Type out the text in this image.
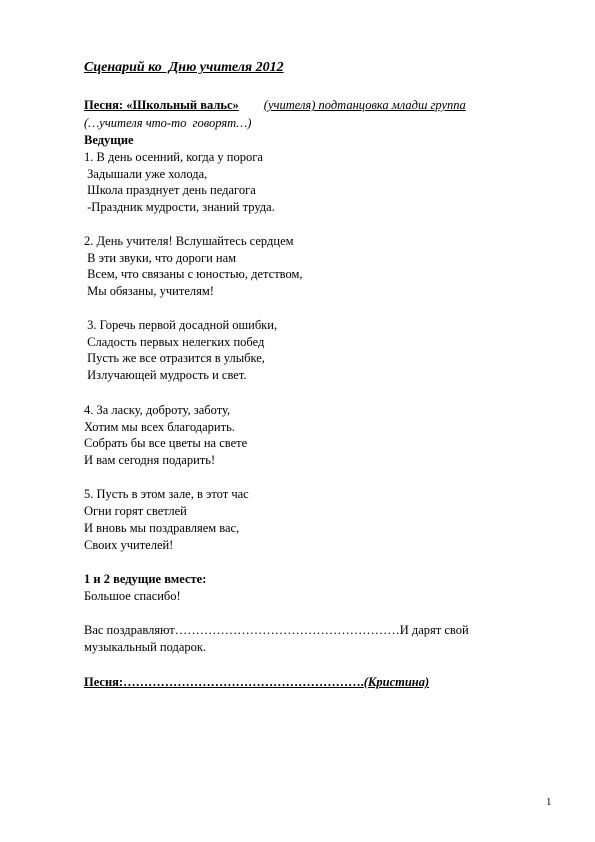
Сценарий ко  Дню учителя 2012
Песня: «Школьный вальс» (учителя) подтанцовка младш группа
(…учителя что-то  говорят…)
Ведущие
1. В день осенний, когда у порога
Задышали уже холода,
Школа празднует день педагога
-Праздник мудрости, знаний труда.
2. День учителя! Вслушайтесь сердцем
В эти звуки, что дороги нам
Всем, что связаны с юностью, детством,
Мы обязаны, учителям!
3. Горечь первой досадной ошибки,
Сладость первых нелегких побед
Пусть же все отразится в улыбке,
Излучающей мудрость и свет.
4. За ласку, доброту, заботу,
Хотим мы всех благодарить.
Собрать бы все цветы на свете
И вам сегодня подарить!
5. Пусть в этом зале, в этот час
Огни горят светлей
И вновь мы поздравляем вас,
Своих учителей!
1 и 2 ведущие вместе:
Большое спасибо!
Вас поздравляют………………………………………………И дарят свой
музыкальный подарок.
Песня:………………………………………………….(Кристина)
1
